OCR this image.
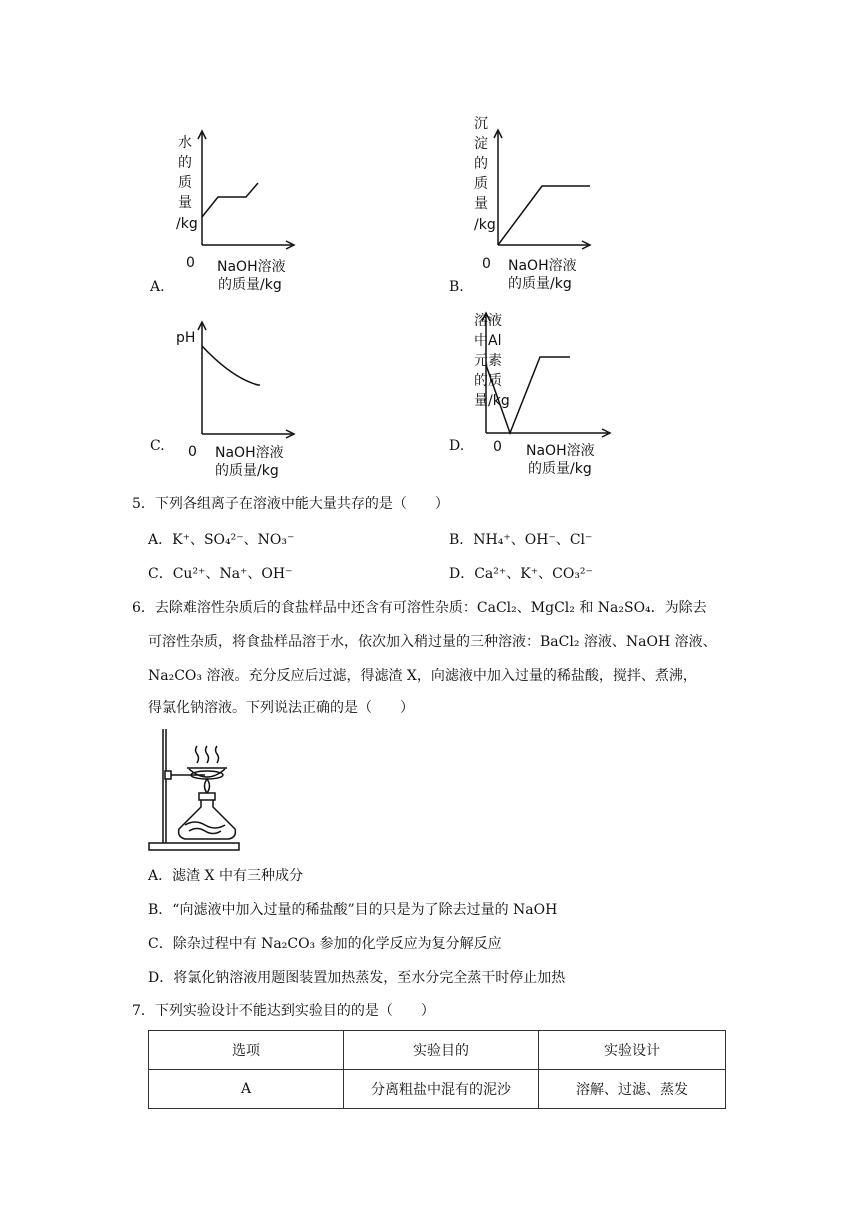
水
的
质
量
/kg
0 NaOH溶液
的质量/kg
A.
沉
淀
的
质
量
/kg
0 NaOH溶液
的质量/kg
B.
pH
0 NaOH溶液
的质量/kg
C.
溶液
中Al
元素
的质
量/kg
0 NaOH溶液
的质量/kg
D.
5．下列各组离子在溶液中能大量共存的是（　　）
A．K⁺、SO₄²⁻、NO₃⁻	B．NH₄⁺、OH⁻、Cl⁻
C．Cu²⁺、Na⁺、OH⁻	D．Ca²⁺、K⁺、CO₃²⁻
6．去除难溶性杂质后的食盐样品中还含有可溶性杂质：CaCl₂、MgCl₂ 和 Na₂SO₄．为除去
可溶性杂质，将食盐样品溶于水，依次加入稍过量的三种溶液：BaCl₂ 溶液、NaOH 溶液、
Na₂CO₃ 溶液。充分反应后过滤，得滤渣 X，向滤液中加入过量的稀盐酸，搅拌、煮沸，
得氯化钠溶液。下列说法正确的是（　　）
A．滤渣 X 中有三种成分
B．“向滤液中加入过量的稀盐酸”目的只是为了除去过量的 NaOH
C．除杂过程中有 Na₂CO₃ 参加的化学反应为复分解反应
D．将氯化钠溶液用题图装置加热蒸发，至水分完全蒸干时停止加热
7．下列实验设计不能达到实验目的的是（　　）
选项	实验目的	实验设计
A	分离粗盐中混有的泥沙	溶解、过滤、蒸发
